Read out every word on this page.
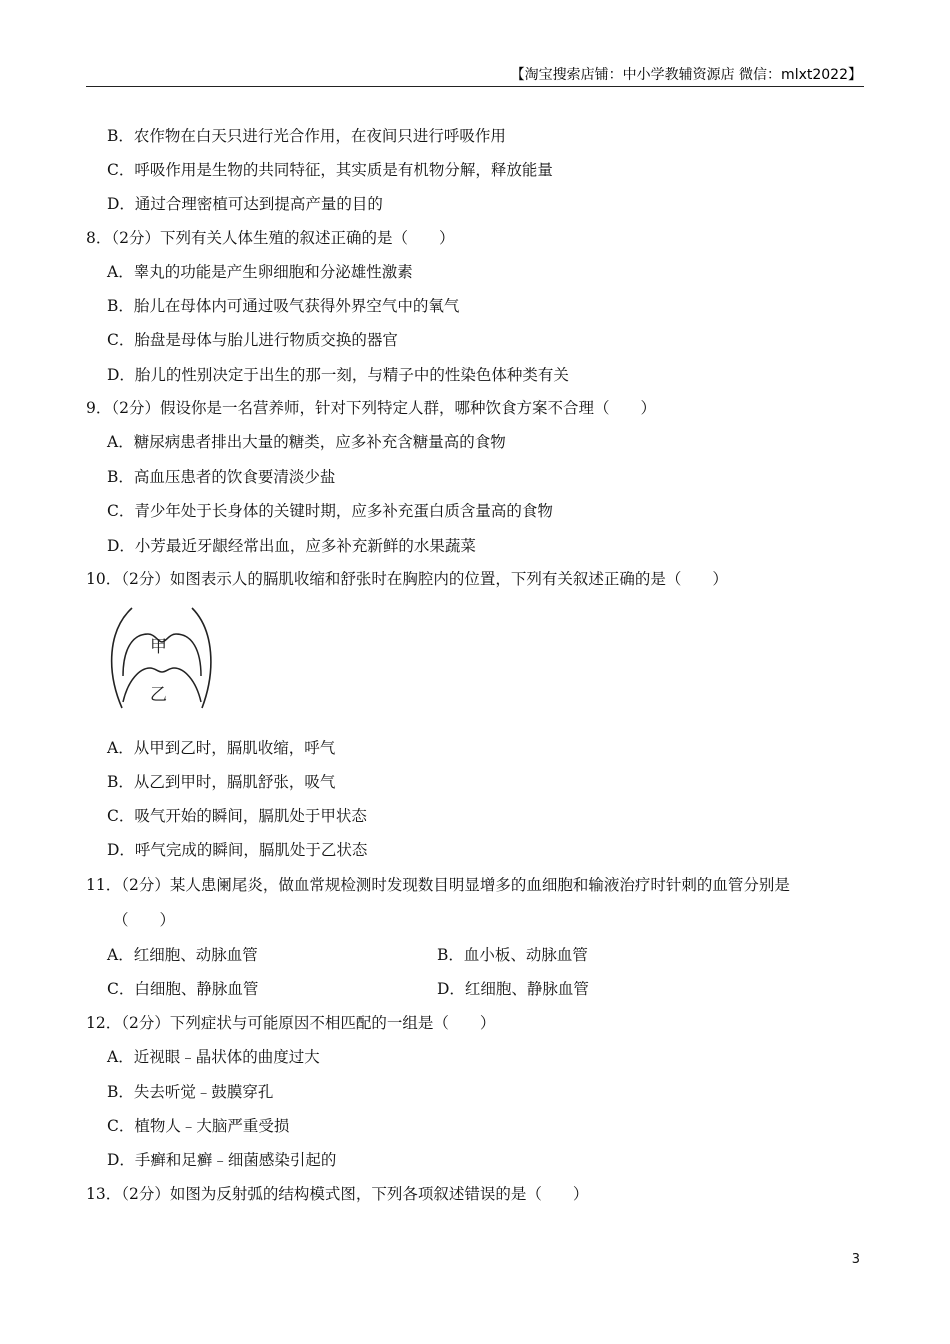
【淘宝搜索店铺：中小学教辅资源店 微信：mlxt2022】
B．农作物在白天只进行光合作用，在夜间只进行呼吸作用
C．呼吸作用是生物的共同特征，其实质是有机物分解，释放能量
D．通过合理密植可达到提高产量的目的
8．（2分）下列有关人体生殖的叙述正确的是（　　）
A．睾丸的功能是产生卵细胞和分泌雄性激素
B．胎儿在母体内可通过吸气获得外界空气中的氧气
C．胎盘是母体与胎儿进行物质交换的器官
D．胎儿的性别决定于出生的那一刻，与精子中的性染色体种类有关
9．（2分）假设你是一名营养师，针对下列特定人群，哪种饮食方案不合理（　　）
A．糖尿病患者排出大量的糖类，应多补充含糖量高的食物
B．高血压患者的饮食要清淡少盐
C．青少年处于长身体的关键时期，应多补充蛋白质含量高的食物
D．小芳最近牙龈经常出血，应多补充新鲜的水果蔬菜
10．（2分）如图表示人的膈肌收缩和舒张时在胸腔内的位置，下列有关叙述正确的是（　　）
甲
乙
A．从甲到乙时，膈肌收缩，呼气
B．从乙到甲时，膈肌舒张，吸气
C．吸气开始的瞬间，膈肌处于甲状态
D．呼气完成的瞬间，膈肌处于乙状态
11．（2分）某人患阑尾炎，做血常规检测时发现数目明显增多的血细胞和输液治疗时针刺的血管分别是
（　　）
A．红细胞、动脉血管	B．血小板、动脉血管
C．白细胞、静脉血管	D．红细胞、静脉血管
12．（2分）下列症状与可能原因不相匹配的一组是（　　）
A．近视眼﹣晶状体的曲度过大
B．失去听觉﹣鼓膜穿孔
C．植物人﹣大脑严重受损
D．手癣和足癣﹣细菌感染引起的
13．（2分）如图为反射弧的结构模式图，下列各项叙述错误的是（　　）
3
